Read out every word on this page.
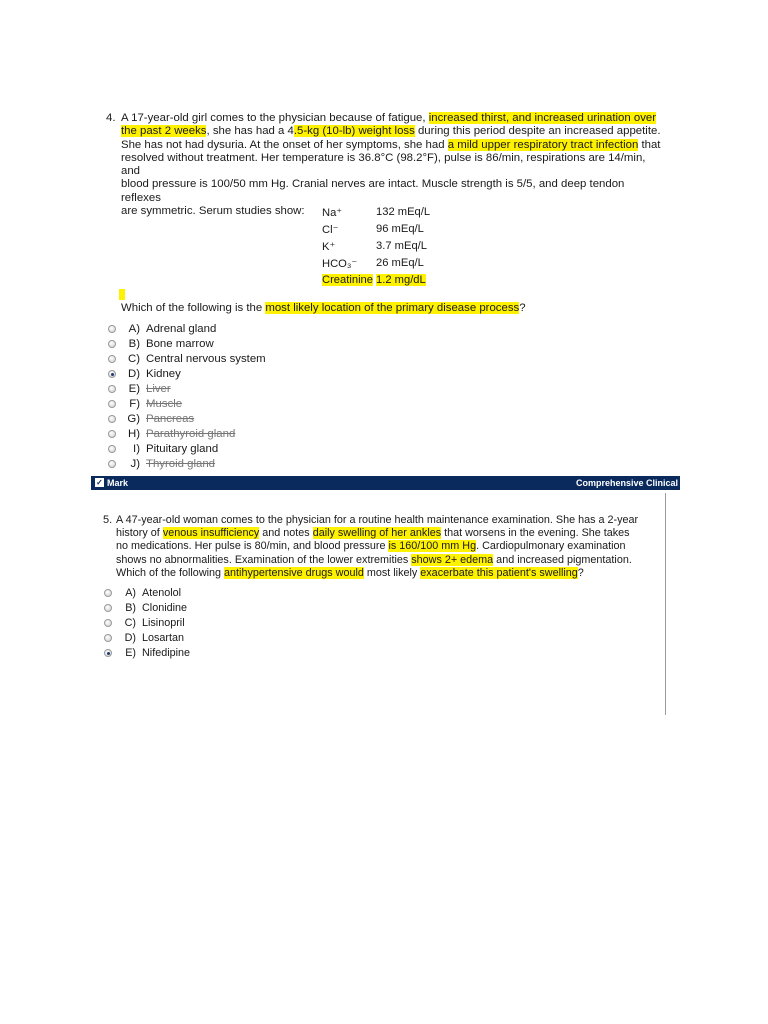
4. A 17-year-old girl comes to the physician because of fatigue, increased thirst, and increased urination over

the past 2 weeks, she has had a 4.5-kg (10-lb) weight loss during this period despite an increased appetite.

She has not had dysuria. At the onset of her symptoms, she had a mild upper respiratory tract infection that

resolved without treatment. Her temperature is 36.8°C (98.2°F), pulse is 86/min, respirations are 14/min, and

blood pressure is 100/50 mm Hg. Cranial nerves are intact. Muscle strength is 5/5, and deep tendon reflexes

are symmetric. Serum studies show:	Na⁺	132 mEq/L
Cl⁻	96 mEq/L
K⁺	3.7 mEq/L
HCO₃⁻ 26 mEq/L
Creatinine 1.2 mg/dL
Which of the following is the most likely location of the primary disease process?
A) Adrenal gland
B) Bone marrow
C) Central nervous system
D) Kidney
E) Liver
F) Muscle
G) Pancreas
H) Parathyroid gland
I) Pituitary gland
J) Thyroid gland
✓ Mark	Comprehensive Clinical
5. A 47-year-old woman comes to the physician for a routine health maintenance examination. She has a 2-year

history of venous insufficiency and notes daily swelling of her ankles that worsens in the evening. She takes

no medications. Her pulse is 80/min, and blood pressure is 160/100 mm Hg. Cardiopulmonary examination

shows no abnormalities. Examination of the lower extremities shows 2+ edema and increased pigmentation.

Which of the following antihypertensive drugs would most likely exacerbate this patient's swelling?

A) Atenolol
B) Clonidine
C) Lisinopril
D) Losartan
E) Nifedipine
